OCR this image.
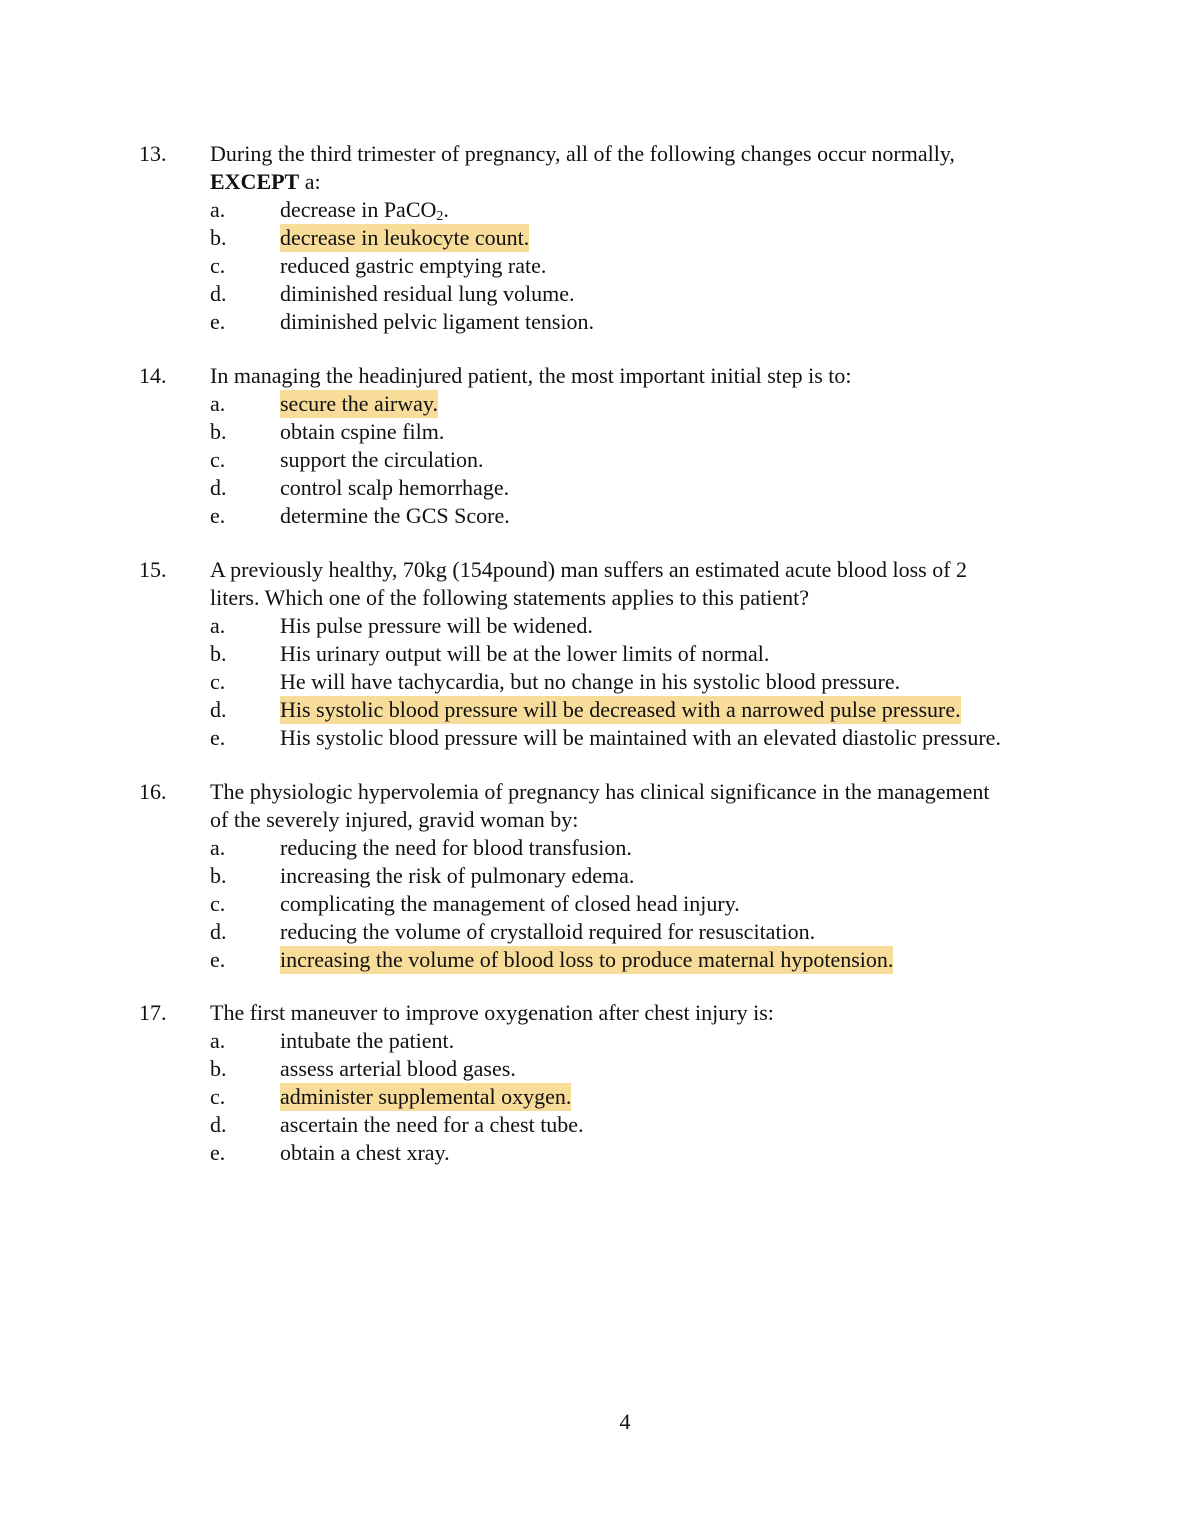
13. During the third trimester of pregnancy, all of the following changes occur normally,
EXCEPT a:
a. decrease in PaCO$_2$.
b. decrease in leukocyte count.
c. reduced gastric emptying rate.
d. diminished residual lung volume.
e. diminished pelvic ligament tension.
14. In managing the headinjured patient, the most important initial step is to:
a. secure the airway.
b. obtain cspine film.
c. support the circulation.
d. control scalp hemorrhage.
e. determine the GCS Score.
15. A previously healthy, 70kg (154pound) man suffers an estimated acute blood loss of 2
liters. Which one of the following statements applies to this patient?
a. His pulse pressure will be widened.
b. His urinary output will be at the lower limits of normal.
c. He will have tachycardia, but no change in his systolic blood pressure.
d. His systolic blood pressure will be decreased with a narrowed pulse pressure.
e. His systolic blood pressure will be maintained with an elevated diastolic pressure.
16. The physiologic hypervolemia of pregnancy has clinical significance in the management
of the severely injured, gravid woman by:
a. reducing the need for blood transfusion.
b. increasing the risk of pulmonary edema.
c. complicating the management of closed head injury.
d. reducing the volume of crystalloid required for resuscitation.
e. increasing the volume of blood loss to produce maternal hypotension.
17. The first maneuver to improve oxygenation after chest injury is:
a. intubate the patient.
b. assess arterial blood gases.
c. administer supplemental oxygen.
d. ascertain the need for a chest tube.
e. obtain a chest xray.
4
